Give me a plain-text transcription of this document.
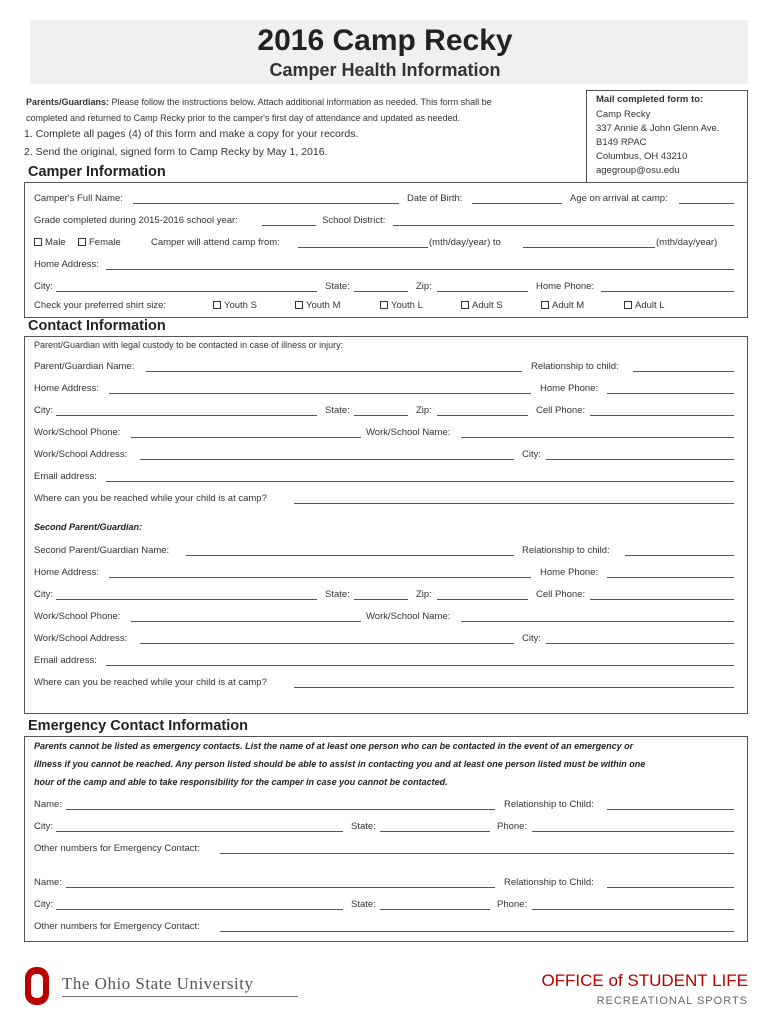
2016 Camp Recky
Camper Health Information
Parents/Guardians: Please follow the instructions below. Attach additional information as needed. This form shall be
completed and returned to Camp Recky prior to the camper's first day of attendance and updated as needed.
1. Complete all pages (4) of this form and make a copy for your records.
2. Send the original, signed form to Camp Recky by May 1, 2016.
Mail completed form to:
Camp Recky
337 Annie & John Glenn Ave.
B149 RPAC
Columbus, OH 43210
agegroup@osu.edu
Camper Information
Camper's Full Name:	Date of Birth:	Age on arrival at camp:
Grade completed during 2015-2016 school year:	School District:
Male	Female	Camper will attend camp from:	(mth/day/year) to	(mth/day/year)
Home Address:
City:	State:	Zip:	Home Phone:
Check your preferred shirt size:	Youth S	Youth M	Youth L	Adult S	Adult M	Adult L
Contact Information
Parent/Guardian with legal custody to be contacted in case of illness or injury:
Parent/Guardian Name:	Relationship to child:
Home Address:	Home Phone:
City:	State:	Zip:	Cell Phone:
Work/School Phone:	Work/School Name:
Work/School Address:	City:
Email address:
Where can you be reached while your child is at camp?
Second Parent/Guardian:
Second Parent/Guardian Name:	Relationship to child:
Home Address:	Home Phone:
City:	State:	Zip:	Cell Phone:
Work/School Phone:	Work/School Name:
Work/School Address:	City:
Email address:
Where can you be reached while your child is at camp?
Emergency Contact Information
Parents cannot be listed as emergency contacts. List the name of at least one person who can be contacted in the event of an emergency or
illness if you cannot be reached. Any person listed should be able to assist in contacting you and at least one person listed must be within one
hour of the camp and able to take responsibility for the camper in case you cannot be contacted.
Name:	Relationship to Child:
City:	State:	Phone:
Other numbers for Emergency Contact:
Name:	Relationship to Child:
City:	State:	Phone:
Other numbers for Emergency Contact:
The Ohio State University	OFFICE of STUDENT LIFE
RECREATIONAL SPORTS
